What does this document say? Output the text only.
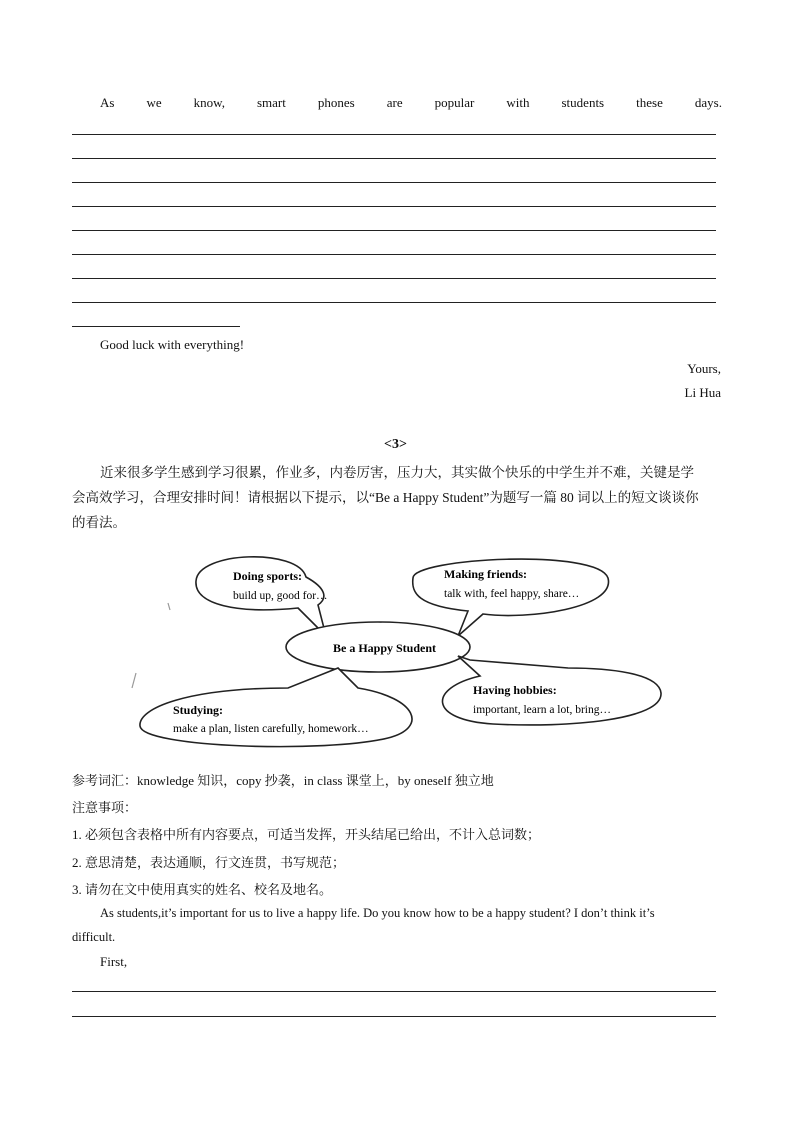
As we know, smart phones are popular with students these days.
Good luck with everything!
Yours,
Li Hua
<3>
近来很多学生感到学习很累，作业多，内卷厉害，压力大，其实做个快乐的中学生并不难，关键是学
会高效学习，合理安排时间！请根据以下提示，以“Be a Happy Student”为题写一篇 80 词以上的短文谈谈你
的看法。
Doing sports:
build up, good for…
Making friends:
talk with, feel happy, share…
Be a Happy Student
Having hobbies:
important, learn a lot, bring…
Studying:
make a plan, listen carefully, homework…
参考词汇：knowledge 知识，copy 抄袭，in class 课堂上，by oneself 独立地
注意事项：
1. 必须包含表格中所有内容要点，可适当发挥，开头结尾已给出，不计入总词数；
2. 意思清楚，表达通顺，行文连贯，书写规范；
3. 请勿在文中使用真实的姓名、校名及地名。
As students,it’s important for us to live a happy life. Do you know how to be a happy student? I don’t think it’s
difficult.
First,
